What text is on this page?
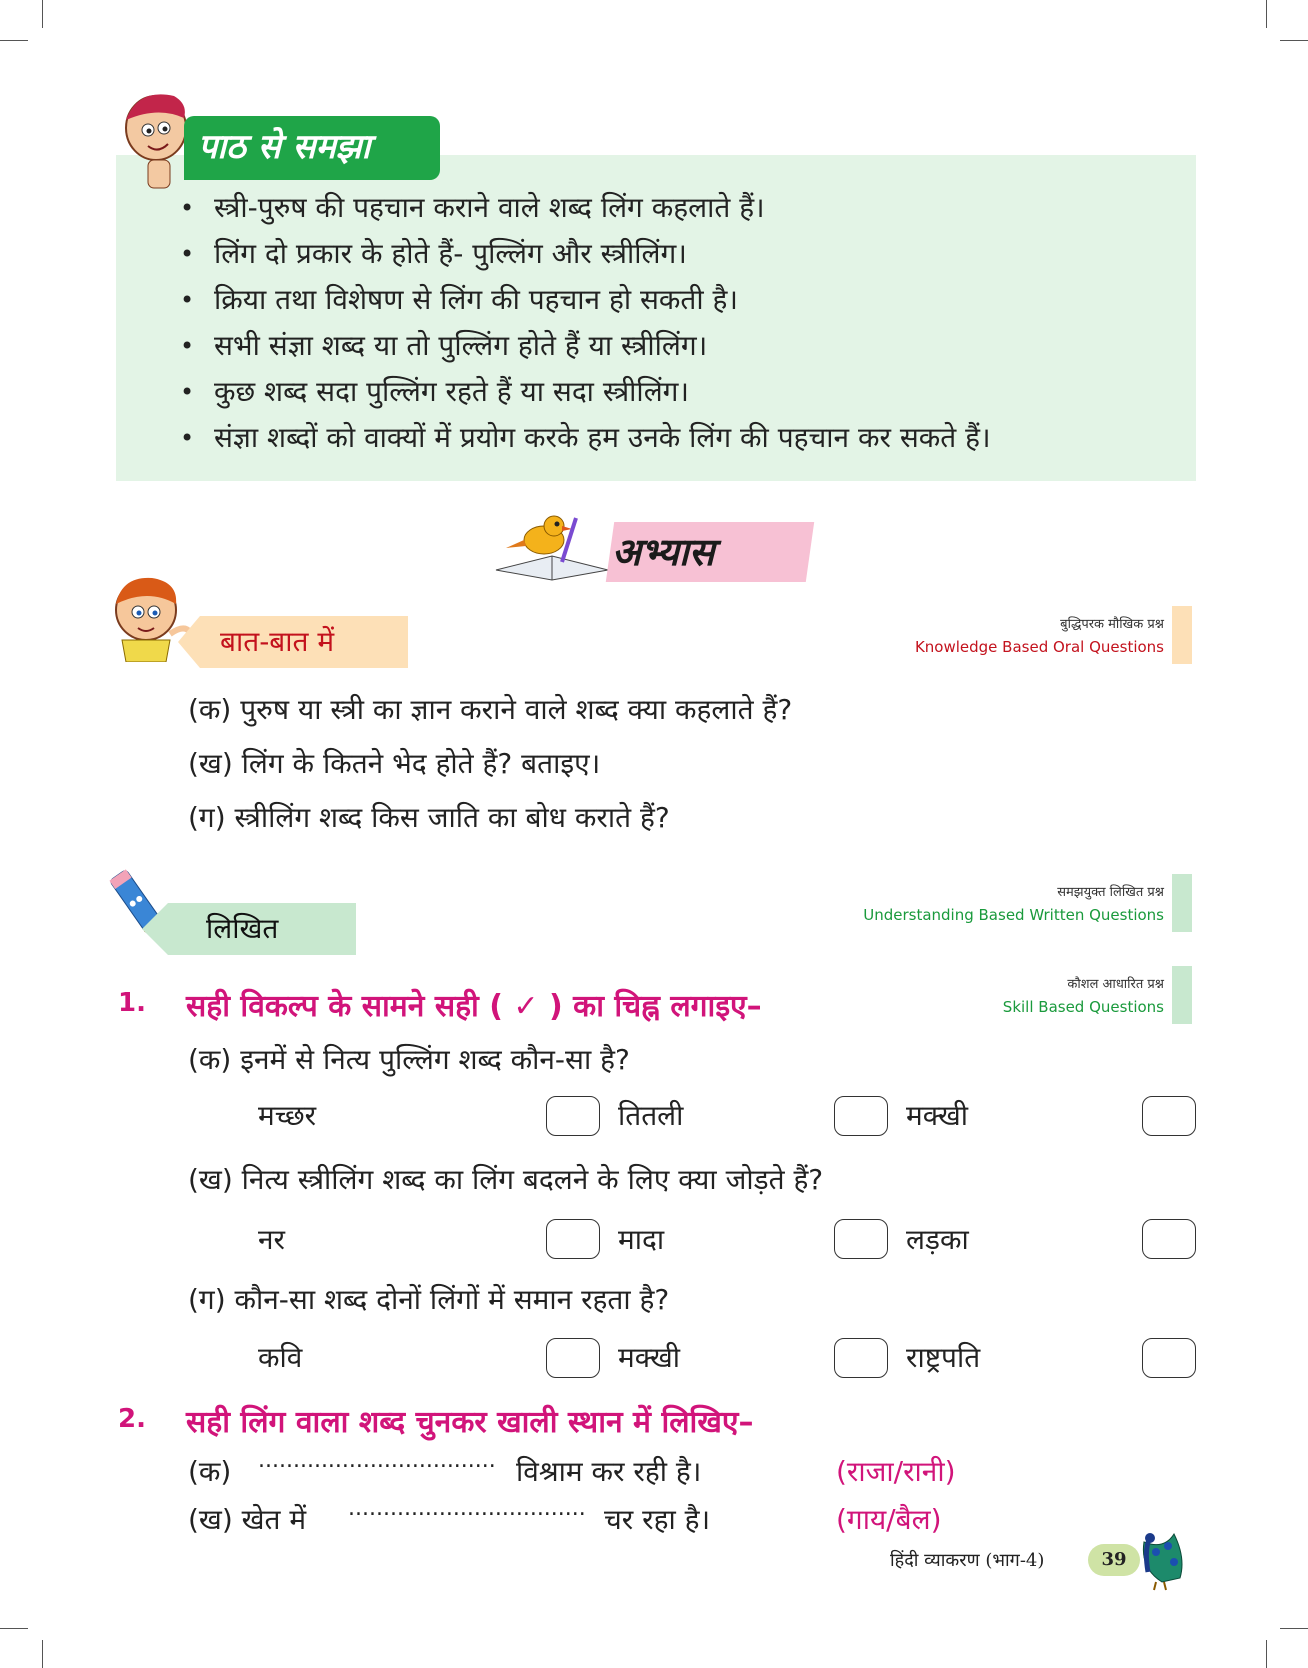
पाठ से समझा
• स्त्री-पुरुष की पहचान कराने वाले शब्द लिंग कहलाते हैं।
• लिंग दो प्रकार के होते हैं- पुल्लिंग और स्त्रीलिंग।
• क्रिया तथा विशेषण से लिंग की पहचान हो सकती है।
• सभी संज्ञा शब्द या तो पुल्लिंग होते हैं या स्त्रीलिंग।
• कुछ शब्द सदा पुल्लिंग रहते हैं या सदा स्त्रीलिंग।
• संज्ञा शब्दों को वाक्यों में प्रयोग करके हम उनके लिंग की पहचान कर सकते हैं।
अभ्यास
बात-बात में
बुद्धिपरक मौखिक प्रश्न
Knowledge Based Oral Questions
(क) पुरुष या स्त्री का ज्ञान कराने वाले शब्द क्या कहलाते हैं?
(ख) लिंग के कितने भेद होते हैं? बताइए।
(ग) स्त्रीलिंग शब्द किस जाति का बोध कराते हैं?
लिखित
समझयुक्त लिखित प्रश्न
Understanding Based Written Questions
कौशल आधारित प्रश्न
Skill Based Questions
1. सही विकल्प के सामने सही ( ✓ ) का चिह्न लगाइए–
(क) इनमें से नित्य पुल्लिंग शब्द कौन-सा है?
मच्छर	तितली	मक्खी
(ख) नित्य स्त्रीलिंग शब्द का लिंग बदलने के लिए क्या जोड़ते हैं?
नर	मादा	लड़का
(ग) कौन-सा शब्द दोनों लिंगों में समान रहता है?
कवि	मक्खी	राष्ट्रपति
2. सही लिंग वाला शब्द चुनकर खाली स्थान में लिखिए–
(क) .................................. विश्राम कर रही है।	(राजा/रानी)
(ख) खेत में .................................. चर रहा है।	(गाय/बैल)
हिंदी व्याकरण (भाग-4)	39
